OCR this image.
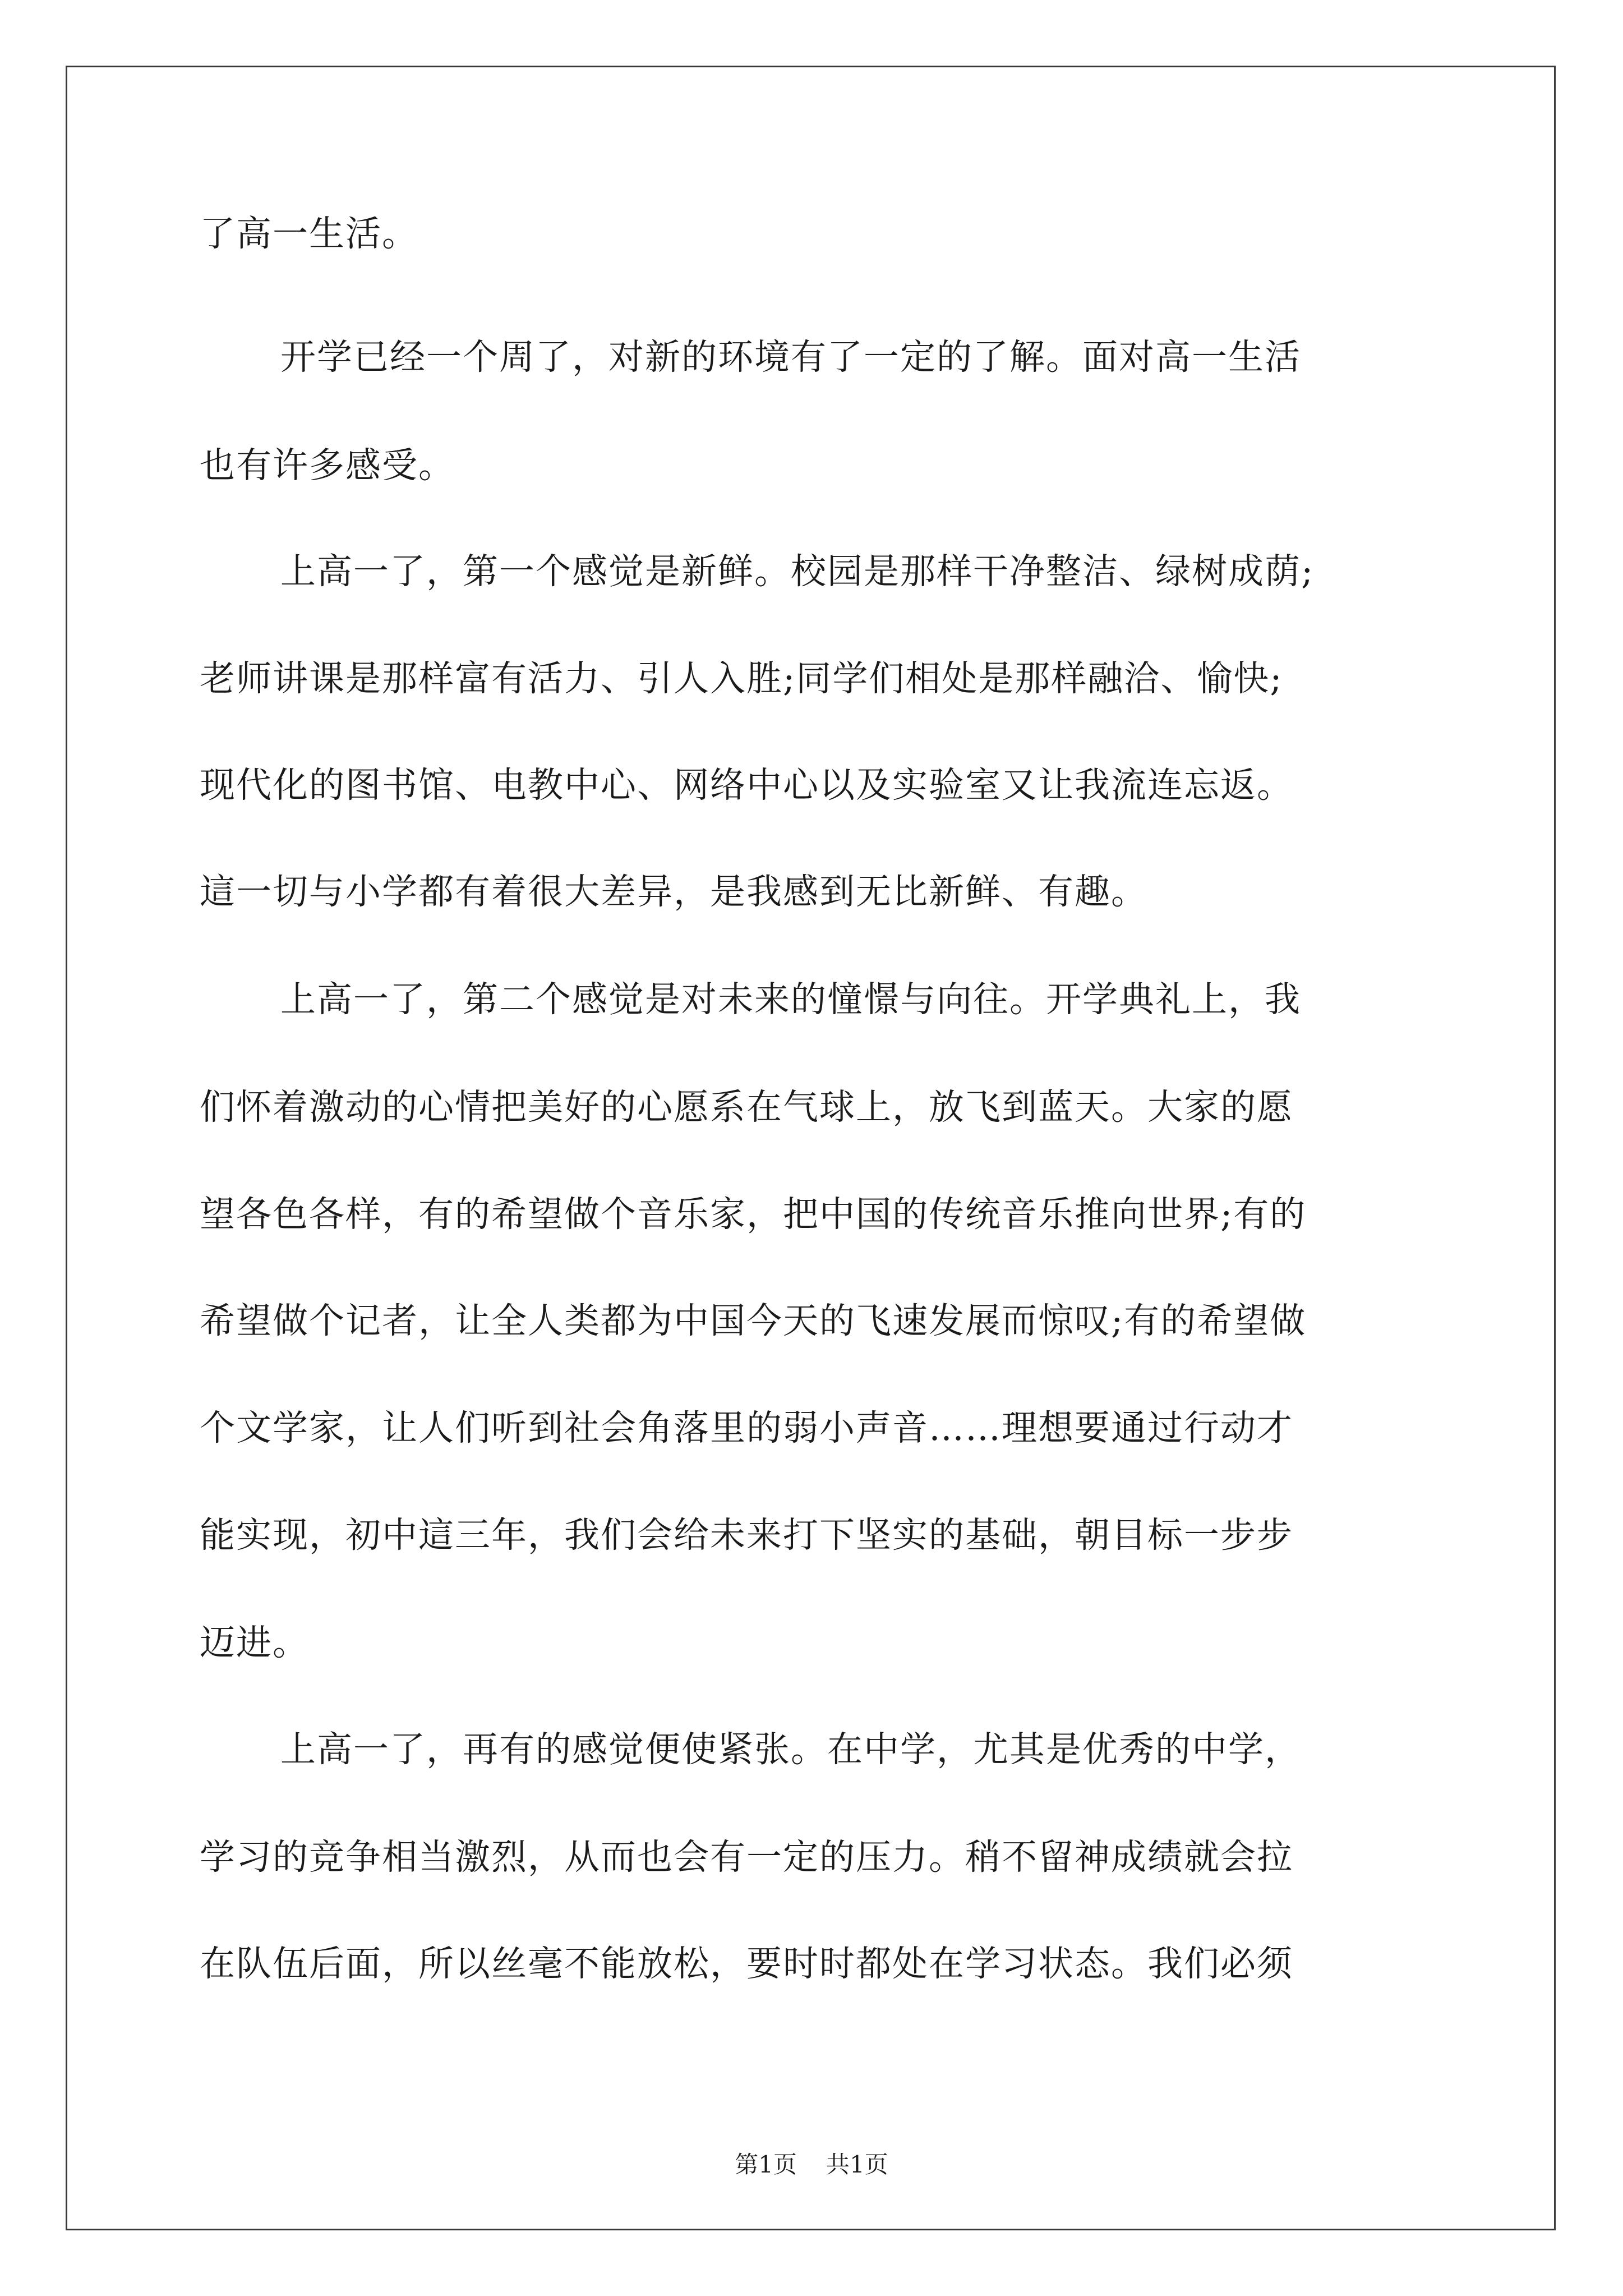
了高一生活。
开学已经一个周了，对新的环境有了一定的了解。面对高一生活
也有许多感受。
上高一了，第一个感觉是新鲜。校园是那样干净整洁、绿树成荫;
老师讲课是那样富有活力、引人入胜;同学们相处是那样融洽、愉快;
现代化的图书馆、电教中心、网络中心以及实验室又让我流连忘返。
這一切与小学都有着很大差异，是我感到无比新鲜、有趣。
上高一了，第二个感觉是对未来的憧憬与向往。开学典礼上，我
们怀着激动的心情把美好的心愿系在气球上，放飞到蓝天。大家的愿
望各色各样，有的希望做个音乐家，把中国的传统音乐推向世界;有的
希望做个记者，让全人类都为中国今天的飞速发展而惊叹;有的希望做
个文学家，让人们听到社会角落里的弱小声音……理想要通过行动才
能实现，初中這三年，我们会给未来打下坚实的基础，朝目标一步步
迈进。
上高一了，再有的感觉便使紧张。在中学，尤其是优秀的中学，
学习的竞争相当激烈，从而也会有一定的压力。稍不留神成绩就会拉
在队伍后面，所以丝毫不能放松，要时时都处在学习状态。我们必须
第1页 共1页
